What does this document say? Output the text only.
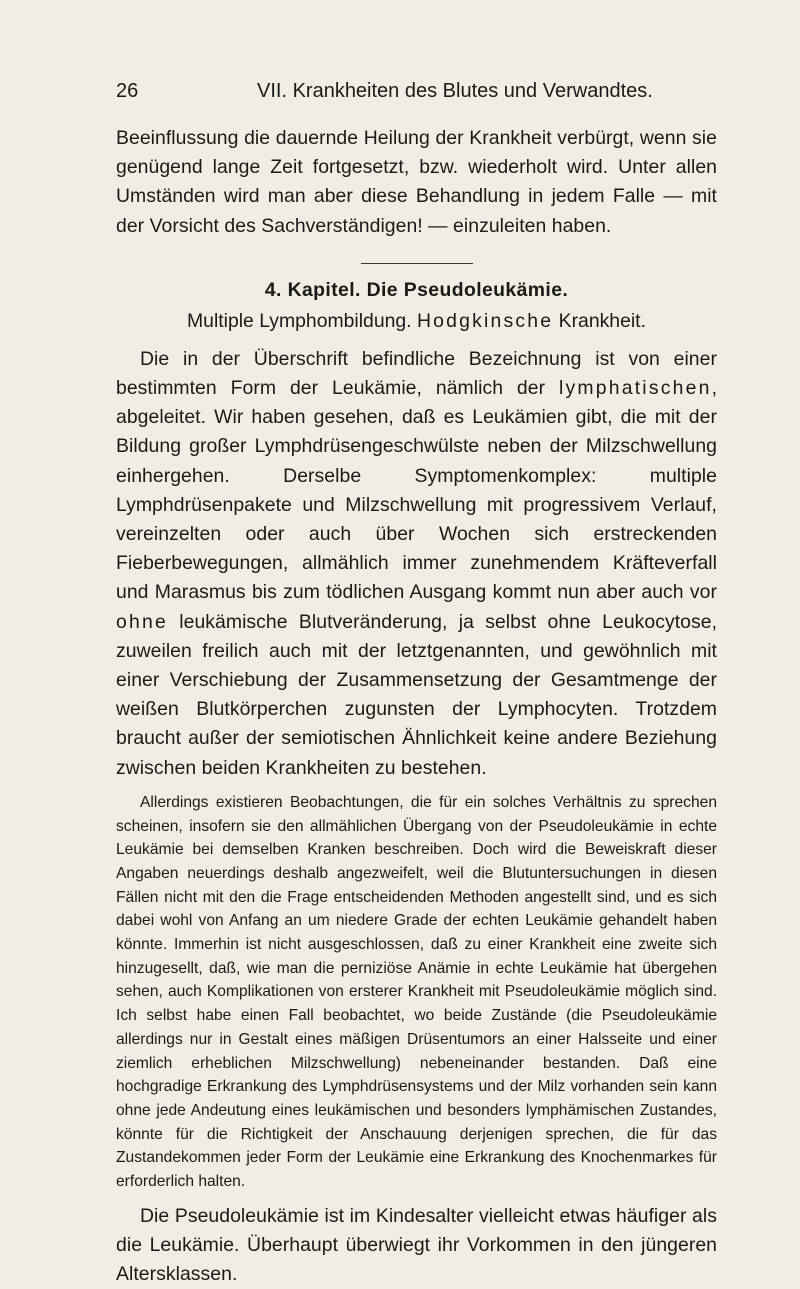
26	VII. Krankheiten des Blutes und Verwandtes.

Beeinflussung die dauernde Heilung der Krankheit verbürgt, wenn sie genügend lange Zeit fortgesetzt, bzw. wiederholt wird. Unter allen Umständen wird man aber diese Behandlung in jedem Falle — mit der Vorsicht des Sachverständigen! — einzuleiten haben.

4. Kapitel. Die Pseudoleukämie.

Multiple Lymphombildung. Hodgkinsche Krankheit.

Die in der Überschrift befindliche Bezeichnung ist von einer bestimmten Form der Leukämie, nämlich der lymphatischen, abgeleitet. Wir haben gesehen, daß es Leukämien gibt, die mit der Bildung großer Lymphdrüsengeschwülste neben der Milzschwellung einhergehen. Derselbe Symptomenkomplex: multiple Lymphdrüsenpakete und Milzschwellung mit progressivem Verlauf, vereinzelten oder auch über Wochen sich erstreckenden Fieberbewegungen, allmählich immer zunehmendem Kräfteverfall und Marasmus bis zum tödlichen Ausgang kommt nun aber auch vor ohne leukämische Blutveränderung, ja selbst ohne Leukocytose, zuweilen freilich auch mit der letztgenannten, und gewöhnlich mit einer Verschiebung der Zusammensetzung der Gesamtmenge der weißen Blutkörperchen zugunsten der Lymphocyten. Trotzdem braucht außer der semiotischen Ähnlichkeit keine andere Beziehung zwischen beiden Krankheiten zu bestehen.

Allerdings existieren Beobachtungen, die für ein solches Verhältnis zu sprechen scheinen, insofern sie den allmählichen Übergang von der Pseudoleukämie in echte Leukämie bei demselben Kranken beschreiben. Doch wird die Beweiskraft dieser Angaben neuerdings deshalb angezweifelt, weil die Blutuntersuchungen in diesen Fällen nicht mit den die Frage entscheidenden Methoden angestellt sind, und es sich dabei wohl von Anfang an um niedere Grade der echten Leukämie gehandelt haben könnte. Immerhin ist nicht ausgeschlossen, daß zu einer Krankheit eine zweite sich hinzugesellt, daß, wie man die perniziöse Anämie in echte Leukämie hat übergehen sehen, auch Komplikationen von ersterer Krankheit mit Pseudoleukämie möglich sind. Ich selbst habe einen Fall beobachtet, wo beide Zustände (die Pseudoleukämie allerdings nur in Gestalt eines mäßigen Drüsentumors an einer Halsseite und einer ziemlich erheblichen Milzschwellung) nebeneinander bestanden. Daß eine hochgradige Erkrankung des Lymphdrüsensystems und der Milz vorhanden sein kann ohne jede Andeutung eines leukämischen und besonders lymphämischen Zustandes, könnte für die Richtigkeit der Anschauung derjenigen sprechen, die für das Zustandekommen jeder Form der Leukämie eine Erkrankung des Knochenmarkes für erforderlich halten.

Die Pseudoleukämie ist im Kindesalter vielleicht etwas häufiger als die Leukämie. Überhaupt überwiegt ihr Vorkommen in den jüngeren Altersklassen.
